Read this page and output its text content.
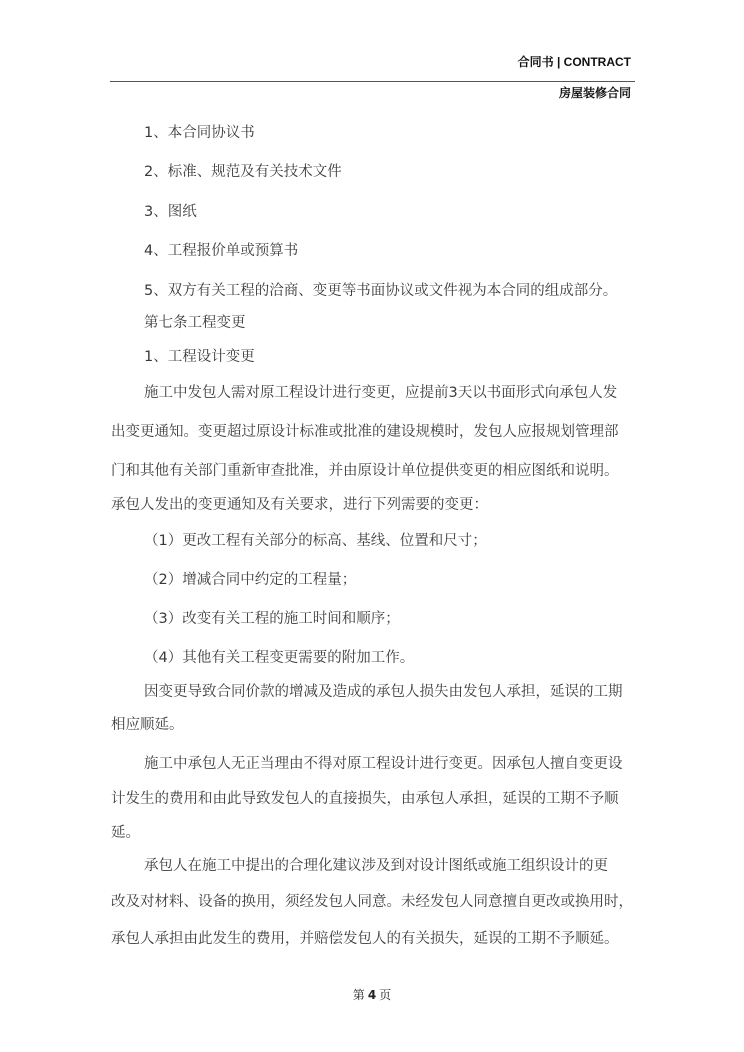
合同书 | CONTRACT
房屋装修合同
1、本合同协议书
2、标准、规范及有关技术文件
3、图纸
4、工程报价单或预算书
5、双方有关工程的洽商、变更等书面协议或文件视为本合同的组成部分。
第七条工程变更
1、工程设计变更
施工中发包人需对原工程设计进行变更，应提前3天以书面形式向承包人发
出变更通知。变更超过原设计标准或批准的建设规模时，发包人应报规划管理部
门和其他有关部门重新审查批准，并由原设计单位提供变更的相应图纸和说明。
承包人发出的变更通知及有关要求，进行下列需要的变更：
（1）更改工程有关部分的标高、基线、位置和尺寸；
（2）增减合同中约定的工程量；
（3）改变有关工程的施工时间和顺序；
（4）其他有关工程变更需要的附加工作。
因变更导致合同价款的增减及造成的承包人损失由发包人承担，延误的工期
相应顺延。
施工中承包人无正当理由不得对原工程设计进行变更。因承包人擅自变更设
计发生的费用和由此导致发包人的直接损失，由承包人承担，延误的工期不予顺
延。
承包人在施工中提出的合理化建议涉及到对设计图纸或施工组织设计的更
改及对材料、设备的换用，须经发包人同意。未经发包人同意擅自更改或换用时，
承包人承担由此发生的费用，并赔偿发包人的有关损失，延误的工期不予顺延。
第 4 页
